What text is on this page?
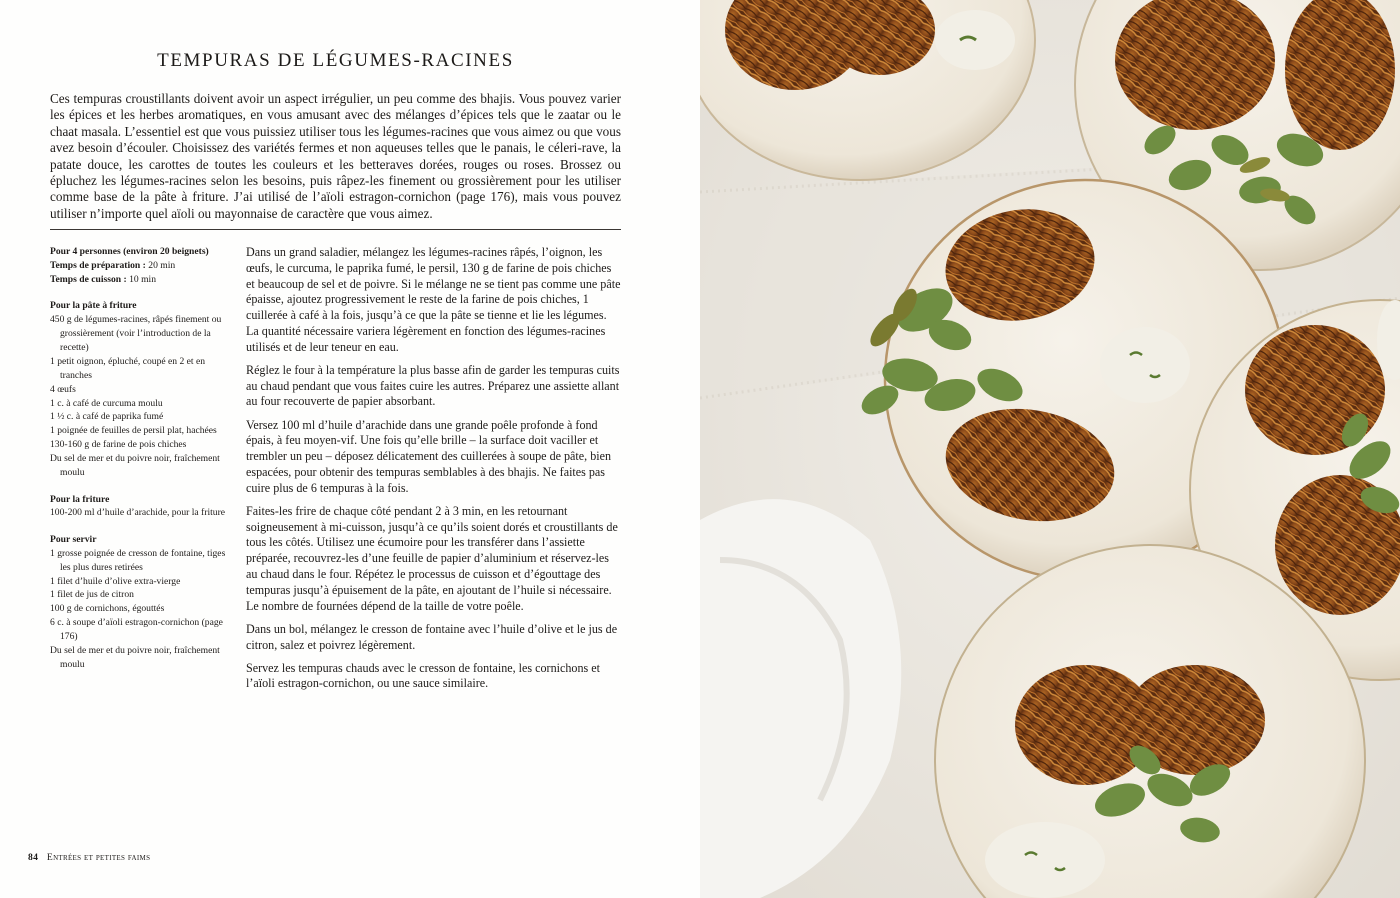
TEMPURAS DE LÉGUMES-RACINES

Ces tempuras croustillants doivent avoir un aspect irrégulier, un peu comme des bhajis. Vous pouvez varier les épices et les herbes aromatiques, en vous amusant avec des mélanges d’épices tels que le zaatar ou le chaat masala. L’essentiel est que vous puissiez utiliser tous les légumes-racines que vous aimez ou que vous avez besoin d’écouler. Choisissez des variétés fermes et non aqueuses telles que le panais, le céleri-rave, la patate douce, les carottes de toutes les couleurs et les betteraves dorées, rouges ou roses. Brossez ou épluchez les légumes-racines selon les besoins, puis râpez-les finement ou grossièrement pour les utiliser comme base de la pâte à friture. J’ai utilisé de l’aïoli estragon-cornichon (page 176), mais vous pouvez utiliser n’importe quel aïoli ou mayonnaise de caractère que vous aimez.

Pour 4 personnes (environ 20 beignets)

Temps de préparation : 20 min

Temps de cuisson : 10 min

Pour la pâte à friture

450 g de légumes-racines, râpés finement ou grossièrement (voir l’introduction de la recette)
1 petit oignon, épluché, coupé en 2 et en tranches
4 œufs
1 c. à café de curcuma moulu
1 ½ c. à café de paprika fumé
1 poignée de feuilles de persil plat, hachées
130-160 g de farine de pois chiches
Du sel de mer et du poivre noir, fraîchement moulu

Pour la friture

100-200 ml d’huile d’arachide, pour la friture

Pour servir

1 grosse poignée de cresson de fontaine, tiges les plus dures retirées
1 filet d’huile d’olive extra-vierge
1 filet de jus de citron
100 g de cornichons, égouttés
6 c. à soupe d’aïoli estragon-cornichon (page 176)
Du sel de mer et du poivre noir, fraîchement moulu

Dans un grand saladier, mélangez les légumes-racines râpés, l’oignon, les œufs, le curcuma, le paprika fumé, le persil, 130 g de farine de pois chiches et beaucoup de sel et de poivre. Si le mélange ne se tient pas comme une pâte épaisse, ajoutez progressivement le reste de la farine de pois chiches, 1 cuillerée à café à la fois, jusqu’à ce que la pâte se tienne et lie les légumes. La quantité nécessaire variera légèrement en fonction des légumes-racines utilisés et de leur teneur en eau.

Réglez le four à la température la plus basse afin de garder les tempuras cuits au chaud pendant que vous faites cuire les autres. Préparez une assiette allant au four recouverte de papier absorbant.

Versez 100 ml d’huile d’arachide dans une grande poêle profonde à fond épais, à feu moyen-vif. Une fois qu’elle brille – la surface doit vaciller et trembler un peu – déposez délicatement des cuillerées à soupe de pâte, bien espacées, pour obtenir des tempuras semblables à des bhajis. Ne faites pas cuire plus de 6 tempuras à la fois.

Faites-les frire de chaque côté pendant 2 à 3 min, en les retournant soigneusement à mi-cuisson, jusqu’à ce qu’ils soient dorés et croustillants de tous les côtés. Utilisez une écumoire pour les transférer dans l’assiette préparée, recouvrez-les d’une feuille de papier d’aluminium et réservez-les au chaud dans le four. Répétez le processus de cuisson et d’égouttage des tempuras jusqu’à épuisement de la pâte, en ajoutant de l’huile si nécessaire. Le nombre de fournées dépend de la taille de votre poêle.

Dans un bol, mélangez le cresson de fontaine avec l’huile d’olive et le jus de citron, salez et poivrez légèrement.

Servez les tempuras chauds avec le cresson de fontaine, les cornichons et l’aïoli estragon-cornichon, ou une sauce similaire.

84 Entrées et petites faims
